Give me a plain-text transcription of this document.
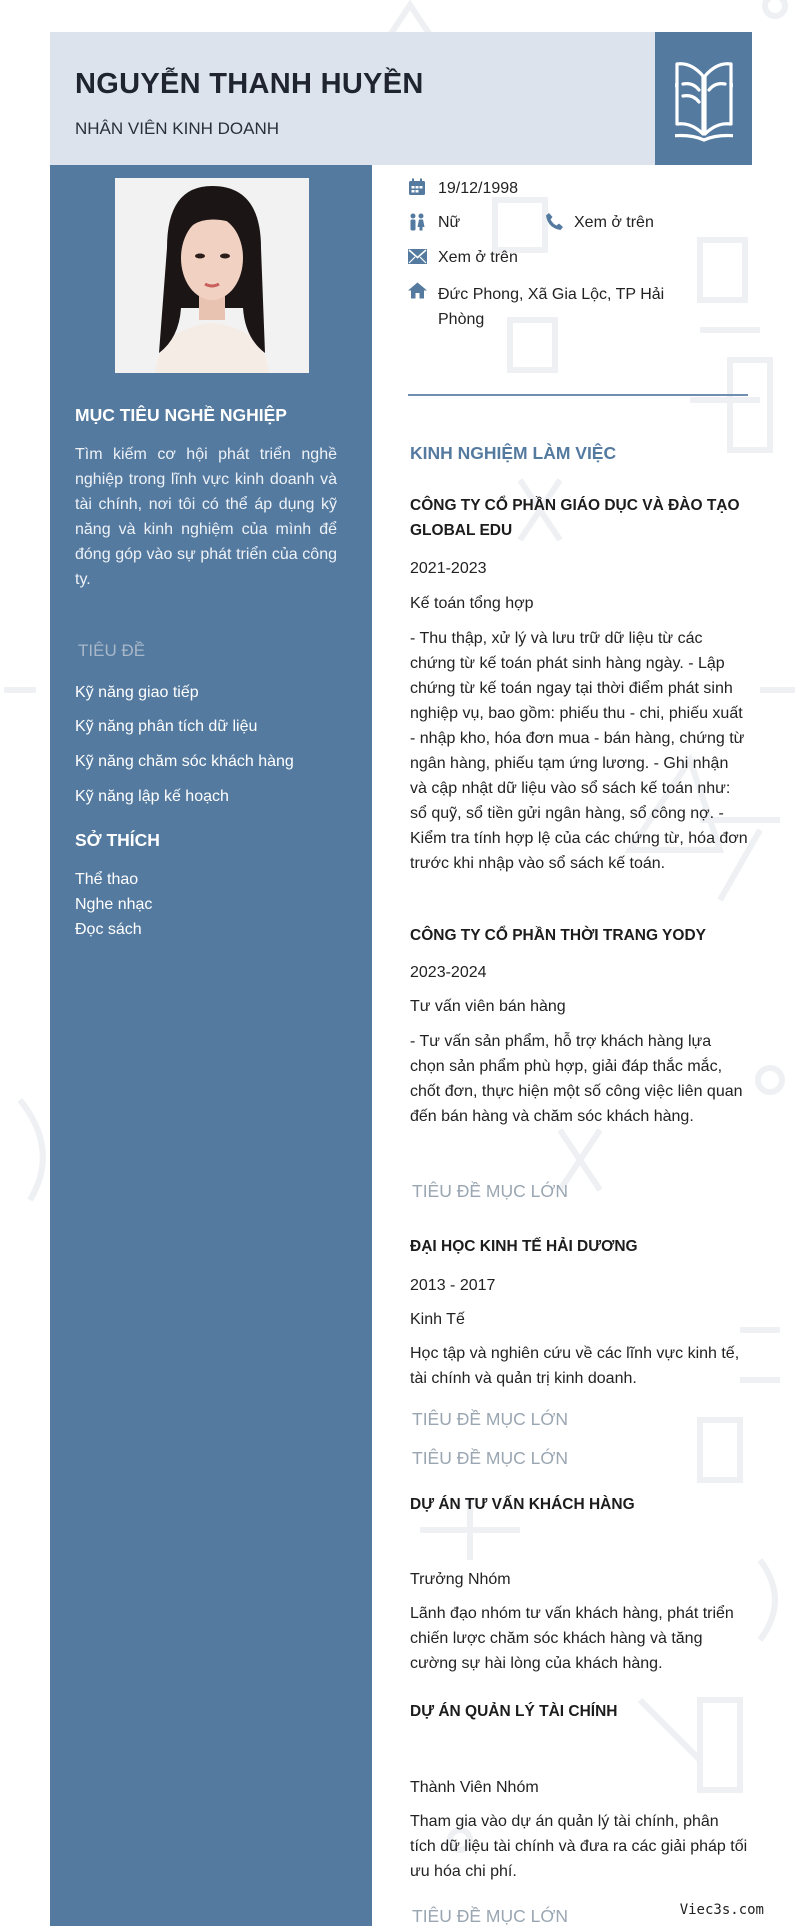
NGUYỄN THANH HUYỀN
NHÂN VIÊN KINH DOANH
MỤC TIÊU NGHỀ NGHIỆP

Tìm kiếm cơ hội phát triển nghề nghiệp trong lĩnh vực kinh doanh và tài chính, nơi tôi có thể áp dụng kỹ năng và kinh nghiệm của mình để đóng góp vào sự phát triển của công ty.

TIÊU ĐỀ
Kỹ năng giao tiếp
Kỹ năng phân tích dữ liệu
Kỹ năng chăm sóc khách hàng
Kỹ năng lập kế hoạch
SỞ THÍCH
Thể thao
Nghe nhạc
Đọc sách
19/12/1998
Nữ	Xem ở trên
Xem ở trên
Đức Phong, Xã Gia Lộc, TP Hải Phòng
KINH NGHIỆM LÀM VIỆC
CÔNG TY CỔ PHẦN GIÁO DỤC VÀ ĐÀO TẠO GLOBAL EDU
2021-2023
Kế toán tổng hợp

- Thu thập, xử lý và lưu trữ dữ liệu từ các chứng từ kế toán phát sinh hàng ngày. - Lập chứng từ kế toán ngay tại thời điểm phát sinh nghiệp vụ, bao gồm: phiếu thu - chi, phiếu xuất - nhập kho, hóa đơn mua - bán hàng, chứng từ ngân hàng, phiếu tạm ứng lương. - Ghi nhận và cập nhật dữ liệu vào sổ sách kế toán như: sổ quỹ, sổ tiền gửi ngân hàng, sổ công nợ. - Kiểm tra tính hợp lệ của các chứng từ, hóa đơn trước khi nhập vào sổ sách kế toán.

CÔNG TY CỔ PHẦN THỜI TRANG YODY
2023-2024
Tư vấn viên bán hàng

- Tư vấn sản phẩm, hỗ trợ khách hàng lựa chọn sản phẩm phù hợp, giải đáp thắc mắc, chốt đơn, thực hiện một số công việc liên quan đến bán hàng và chăm sóc khách hàng.

TIÊU ĐỀ MỤC LỚN
ĐẠI HỌC KINH TẾ HẢI DƯƠNG
2013 - 2017
Kinh Tế

Học tập và nghiên cứu về các lĩnh vực kinh tế, tài chính và quản trị kinh doanh.

TIÊU ĐỀ MỤC LỚN
TIÊU ĐỀ MỤC LỚN
DỰ ÁN TƯ VẤN KHÁCH HÀNG
Trưởng Nhóm

Lãnh đạo nhóm tư vấn khách hàng, phát triển chiến lược chăm sóc khách hàng và tăng cường sự hài lòng của khách hàng.

DỰ ÁN QUẢN LÝ TÀI CHÍNH
Thành Viên Nhóm

Tham gia vào dự án quản lý tài chính, phân tích dữ liệu tài chính và đưa ra các giải pháp tối ưu hóa chi phí.

TIÊU ĐỀ MỤC LỚN	Viec3s.com
